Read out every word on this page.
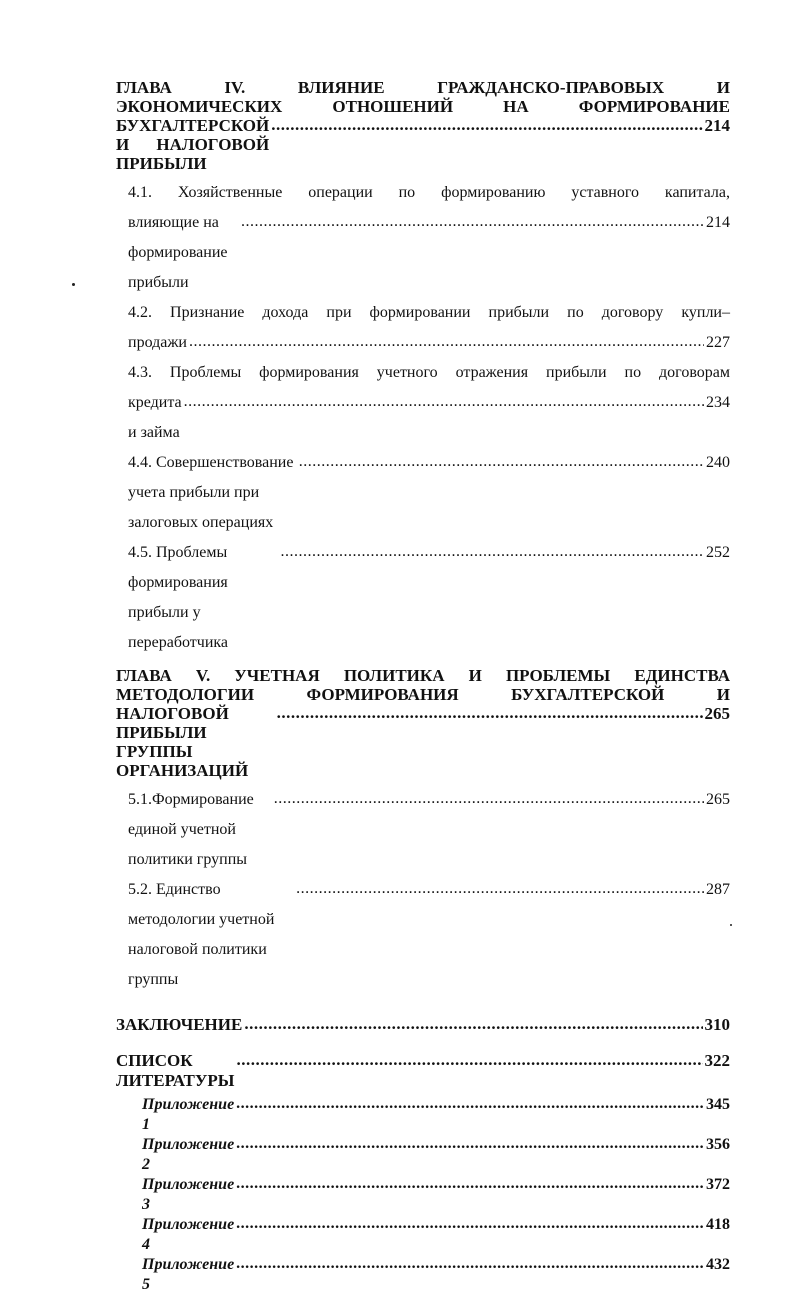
ГЛАВА IV. ВЛИЯНИЕ ГРАЖДАНСКО-ПРАВОВЫХ И
ЭКОНОМИЧЕСКИХ ОТНОШЕНИЙ НА ФОРМИРОВАНИЕ
БУХГАЛТЕРСКОЙ И НАЛОГОВОЙ ПРИБЫЛИ
.....
214
4.1. Хозяйственные операции по формированию уставного капитала,
влияющие на формирование прибыли
.....
214
4.2. Признание дохода при формировании прибыли по договору купли–
продажи .....	227
4.3. Проблемы формирования учетного отражения прибыли по договорам
кредита и займа
.....
234
4.4. Совершенствование учета прибыли при залоговых операциях
.....
240
4.5. Проблемы формирования прибыли у переработчика
.....
252
ГЛАВА V. УЧЕТНАЯ ПОЛИТИКА И ПРОБЛЕМЫ ЕДИНСТВА
МЕТОДОЛОГИИ ФОРМИРОВАНИЯ БУХГАЛТЕРСКОЙ И
НАЛОГОВОЙ ПРИБЫЛИ ГРУППЫ ОРГАНИЗАЦИЙ
.....
265
5.1.Формирование единой учетной политики группы
.....
265
5.2. Единство методологии учетной налоговой политики группы
.....
287
ЗАКЛЮЧЕНИЕ .....	310
СПИСОК ЛИТЕРАТУРЫ
.....
322
Приложение 1
.....
345
Приложение 2
.....
356
Приложение 3
.....
372
Приложение 4
.....
418
Приложение 5
.....
432
